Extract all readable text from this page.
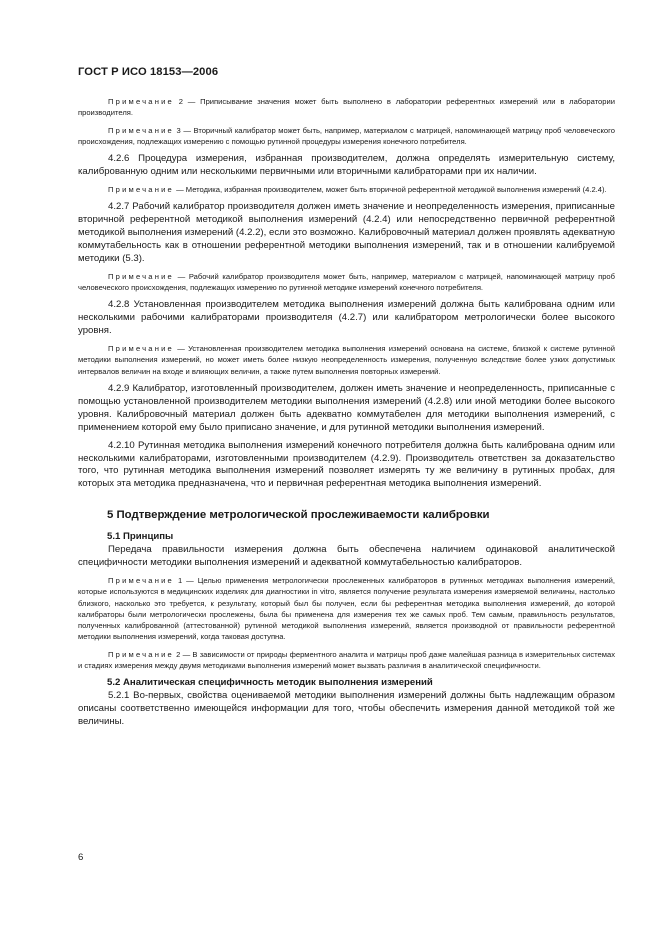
ГОСТ Р ИСО 18153—2006

Примечание 2 — Приписывание значения может быть выполнено в лаборатории референтных измерений или в лаборатории производителя.

Примечание 3 — Вторичный калибратор может быть, например, материалом с матрицей, напоминающей матрицу проб человеческого происхождения, подлежащих измерению с помощью рутинной процедуры измерения конечного потребителя.

4.2.6 Процедура измерения, избранная производителем, должна определять измерительную систему, калиброванную одним или несколькими первичными или вторичными калибраторами при их наличии.

Примечание — Методика, избранная производителем, может быть вторичной референтной методикой выполнения измерений (4.2.4).

4.2.7 Рабочий калибратор производителя должен иметь значение и неопределенность измерения, приписанные вторичной референтной методикой выполнения измерений (4.2.4) или непосредственно первичной референтной методикой выполнения измерений (4.2.2), если это возможно. Калибровочный материал должен проявлять адекватную коммутабельность как в отношении референтной методики выполнения измерений, так и в отношении калибруемой методики (5.3).

Примечание — Рабочий калибратор производителя может быть, например, материалом с матрицей, напоминающей матрицу проб человеческого происхождения, подлежащих измерению по рутинной методике измерений конечного потребителя.

4.2.8 Установленная производителем методика выполнения измерений должна быть калибрована одним или несколькими рабочими калибраторами производителя (4.2.7) или калибратором метрологически более высокого уровня.

Примечание — Установленная производителем методика выполнения измерений основана на системе, близкой к системе рутинной методики выполнения измерений, но может иметь более низкую неопределенность измерения, полученную вследствие более узких допустимых интервалов величин на входе и влияющих величин, а также путем выполнения повторных измерений.

4.2.9 Калибратор, изготовленный производителем, должен иметь значение и неопределенность, приписанные с помощью установленной производителем методики выполнения измерений (4.2.8) или иной методики более высокого уровня. Калибровочный материал должен быть адекватно коммутабелен для методики выполнения измерений, с применением которой ему было приписано значение, и для рутинной методики выполнения измерений.

4.2.10 Рутинная методика выполнения измерений конечного потребителя должна быть калибрована одним или несколькими калибраторами, изготовленными производителем (4.2.9). Производитель ответствен за доказательство того, что рутинная методика выполнения измерений позволяет измерять ту же величину в рутинных пробах, для которых эта методика предназначена, что и первичная референтная методика выполнения измерений.

5 Подтверждение метрологической прослеживаемости калибровки
5.1 Принципы

Передача правильности измерения должна быть обеспечена наличием одинаковой аналитической специфичности методики выполнения измерений и адекватной коммутабельностью калибраторов.

Примечание 1 — Целью применения метрологически прослеженных калибраторов в рутинных методиках выполнения измерений, которые используются в медицинских изделиях для диагностики in vitro, является получение результата измерения измеряемой величины, настолько близкого, насколько это требуется, к результату, который был бы получен, если бы референтная методика выполнения измерений, до которой калибраторы были метрологически прослежены, была бы применена для измерения тех же самых проб. Тем самым, правильность результатов, полученных калиброванной (аттестованной) рутинной методикой выполнения измерений, является производной от правильности референтной методики выполнения измерений, когда таковая доступна.

Примечание 2 — В зависимости от природы ферментного аналита и матрицы проб даже малейшая разница в измерительных системах и стадиях измерения между двумя методиками выполнения измерений может вызвать различия в аналитической специфичности.

5.2 Аналитическая специфичность методик выполнения измерений

5.2.1 Во-первых, свойства оцениваемой методики выполнения измерений должны быть надлежащим образом описаны соответственно имеющейся информации для того, чтобы обеспечить измерения данной методикой той же величины.

6
